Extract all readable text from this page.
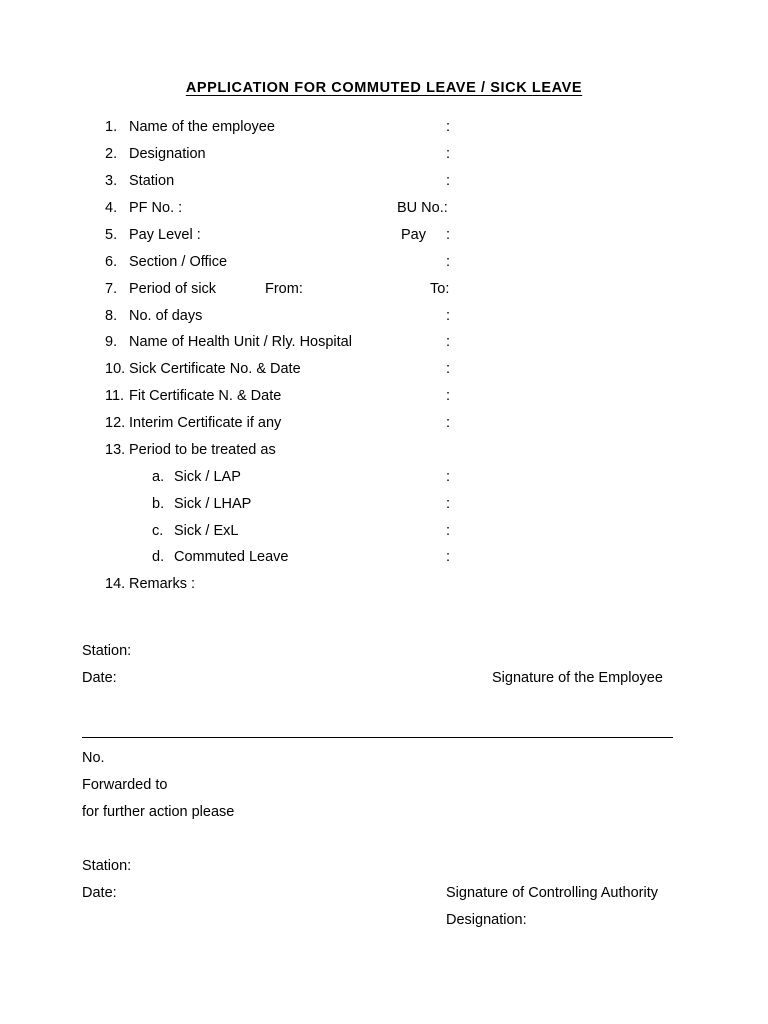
APPLICATION FOR COMMUTED LEAVE / SICK LEAVE
1. Name of the employee	:
2. Designation	:
3. Station	:
4. PF No. :	BU No.:
5. Pay Level :	Pay :
6. Section / Office	:
7. Period of sick	From:	To:
8. No. of days	:
9. Name of Health Unit / Rly. Hospital	:
10. Sick Certificate No. & Date	:
11. Fit Certificate N. & Date	:
12. Interim Certificate if any	:
13. Period to be treated as
a. Sick / LAP	:
b. Sick / LHAP	:
c. Sick / ExL	:
d. Commuted Leave	:
14. Remarks :
Station:
Date:	Signature of the Employee
No.
Forwarded to
for further action please
Station:
Date:	Signature of Controlling Authority
Designation:
